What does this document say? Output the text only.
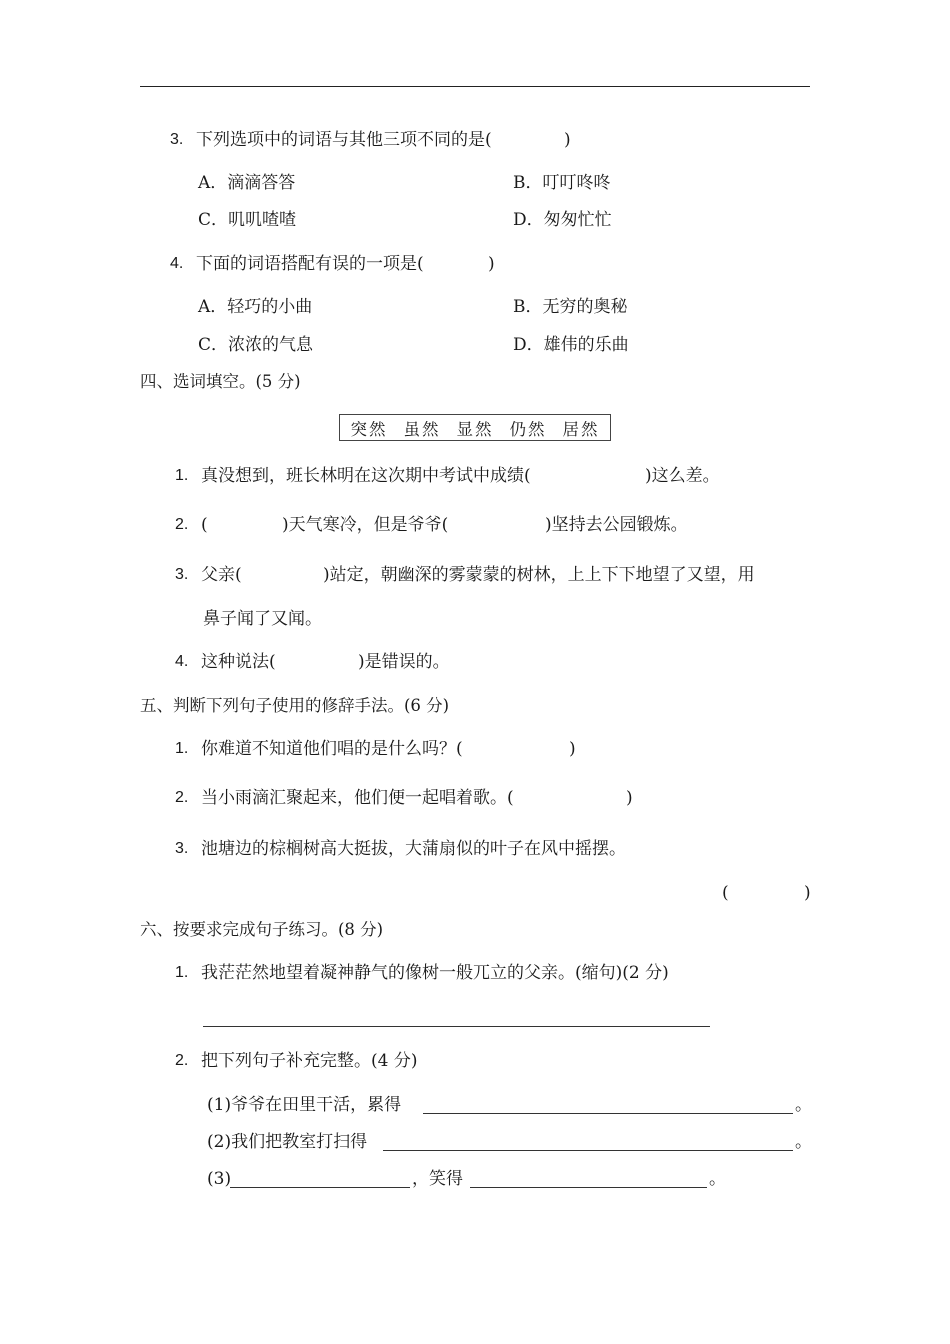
3. 下列选项中的词语与其他三项不同的是(	)
A．滴滴答答	B．叮叮咚咚
C．叽叽喳喳	D．匆匆忙忙
4. 下面的词语搭配有误的一项是(	)
A．轻巧的小曲	B．无穷的奥秘
C．浓浓的气息	D．雄伟的乐曲
四、选词填空。(5 分)
突然 虽然 显然 仍然 居然
1. 真没想到，班长林明在这次期中考试中成绩(	)这么差。
2. (	)天气寒冷，但是爷爷(	)坚持去公园锻炼。
3. 父亲(	)站定，朝幽深的雾蒙蒙的树林，上上下下地望了又望，用
鼻子闻了又闻。
4. 这种说法(	)是错误的。
五、判断下列句子使用的修辞手法。(6 分)
1. 你难道不知道他们唱的是什么吗？(	)
2. 当小雨滴汇聚起来，他们便一起唱着歌。(	)
3. 池塘边的棕榈树高大挺拔，大蒲扇似的叶子在风中摇摆。
(	)
六、按要求完成句子练习。(8 分)
1. 我茫茫然地望着凝神静气的像树一般兀立的父亲。(缩句)(2 分)
2. 把下列句子补充完整。(4 分)
(1)爷爷在田里干活，累得	。
(2)我们把教室打扫得	。
(3)	，笑得	。
